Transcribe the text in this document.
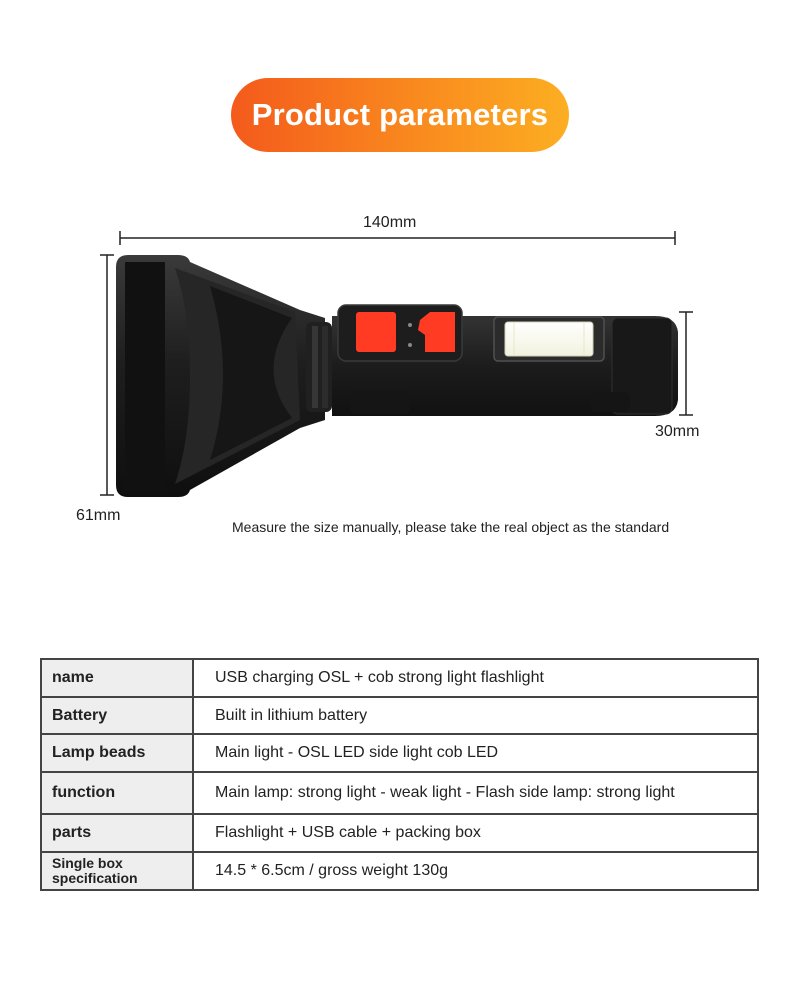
Product parameters
140mm
61mm
30mm
Measure the size manually, please take the real object as the standard
name	USB charging OSL + cob strong light flashlight
Battery	Built in lithium battery
Lamp beads	Main light - OSL LED side light cob LED
function	Main lamp: strong light - weak light - Flash side lamp: strong light
parts	Flashlight + USB cable + packing box
Single box specification	14.5 * 6.5cm / gross weight 130g
